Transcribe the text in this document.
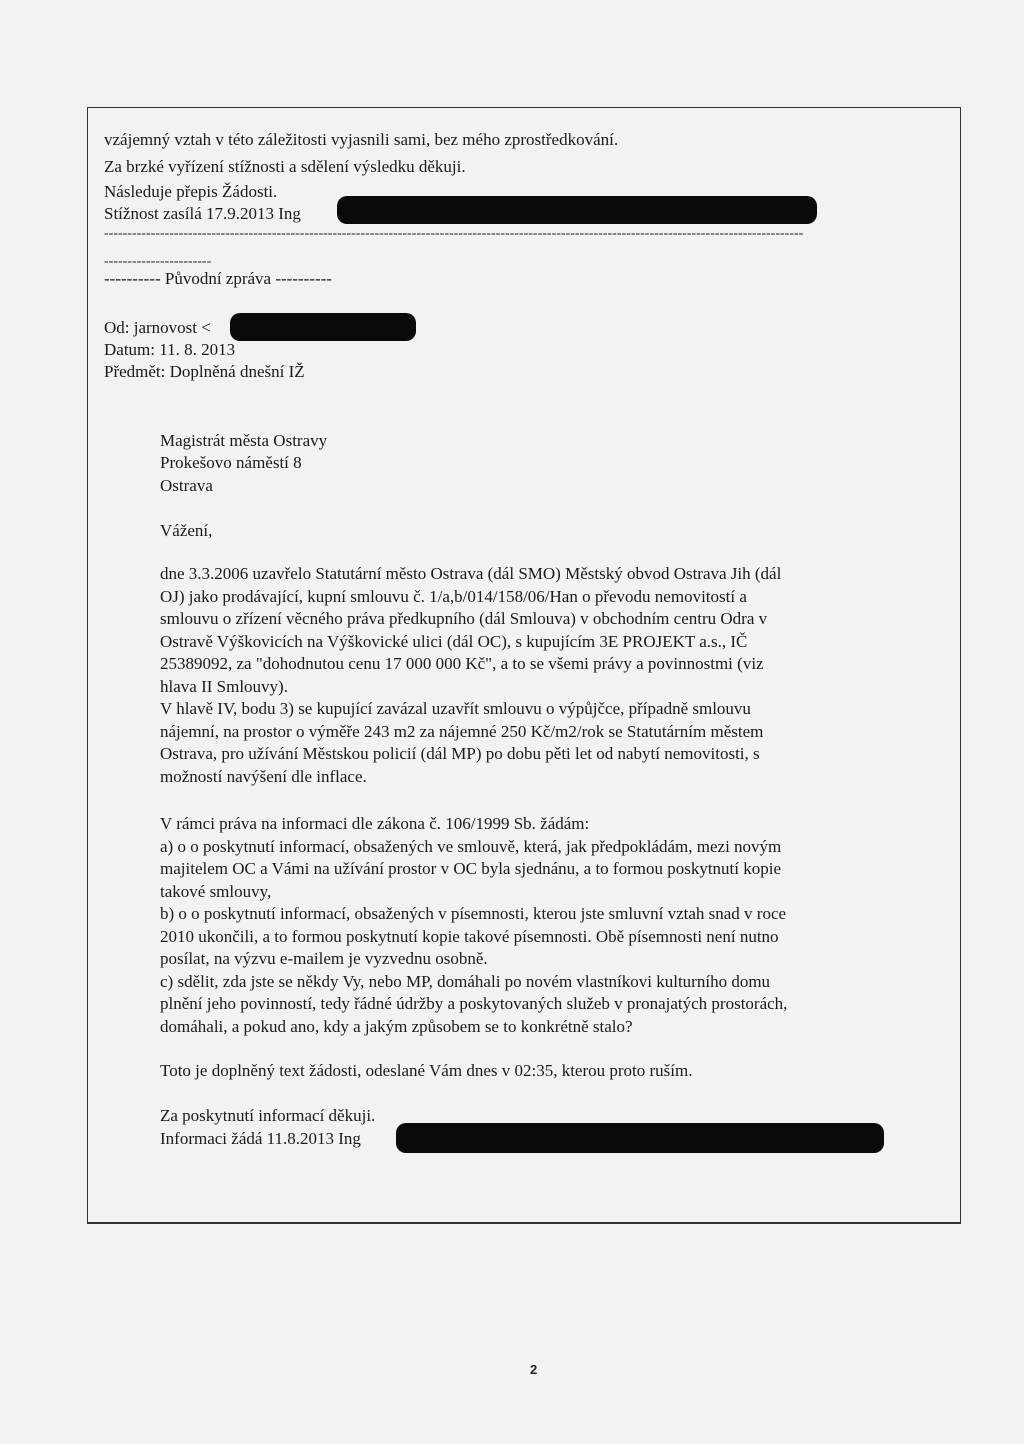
vzájemný vztah v této záležitosti vyjasnili sami, bez mého zprostředkování.
Za brzké vyřízení stížnosti a sdělení výsledku děkuji.
Následuje přepis Žádosti.
Stížnost zasílá 17.9.2013 Ing
------------------------------------------------------------------------------------------------------------------------------------------------------
-----------------------
---------- Původní zpráva ----------
Od: jarnovost <
Datum: 11. 8. 2013
Předmět: Doplněná dnešní IŽ
Magistrát města Ostravy
Prokešovo náměstí 8
Ostrava
Vážení,
dne 3.3.2006 uzavřelo Statutární město Ostrava (dál SMO) Městský obvod Ostrava Jih (dál
OJ) jako prodávající, kupní smlouvu č. 1/a,b/014/158/06/Han o převodu nemovitostí a
smlouvu o zřízení věcného práva předkupního (dál Smlouva) v obchodním centru Odra v
Ostravě Výškovicích na Výškovické ulici (dál OC), s kupujícím 3E PROJEKT a.s., IČ
25389092, za "dohodnutou cenu 17 000 000 Kč", a to se všemi právy a povinnostmi (viz
hlava II Smlouvy).
V hlavě IV, bodu 3) se kupující zavázal uzavřít smlouvu o výpůjčce, případně smlouvu
nájemní, na prostor o výměře 243 m2 za nájemné 250 Kč/m2/rok se Statutárním městem
Ostrava, pro užívání Městskou policií (dál MP) po dobu pěti let od nabytí nemovitosti, s
možností navýšení dle inflace.
V rámci práva na informaci dle zákona č. 106/1999 Sb. žádám:
a) o o poskytnutí informací, obsažených ve smlouvě, která, jak předpokládám, mezi novým
majitelem OC a Vámi na užívání prostor v OC byla sjednánu, a to formou poskytnutí kopie
takové smlouvy,
b) o o poskytnutí informací, obsažených v písemnosti, kterou jste smluvní vztah snad v roce
2010 ukončili, a to formou poskytnutí kopie takové písemnosti. Obě písemnosti není nutno
posílat, na výzvu e-mailem je vyzvednu osobně.
c) sdělit, zda jste se někdy Vy, nebo MP, domáhali po novém vlastníkovi kulturního domu
plnění jeho povinností, tedy řádné údržby a poskytovaných služeb v pronajatých prostorách,
domáhali, a pokud ano, kdy a jakým způsobem se to konkrétně stalo?
Toto je doplněný text žádosti, odeslané Vám dnes v 02:35, kterou proto ruším.
Za poskytnutí informací děkuji.
Informaci žádá 11.8.2013 Ing
2
